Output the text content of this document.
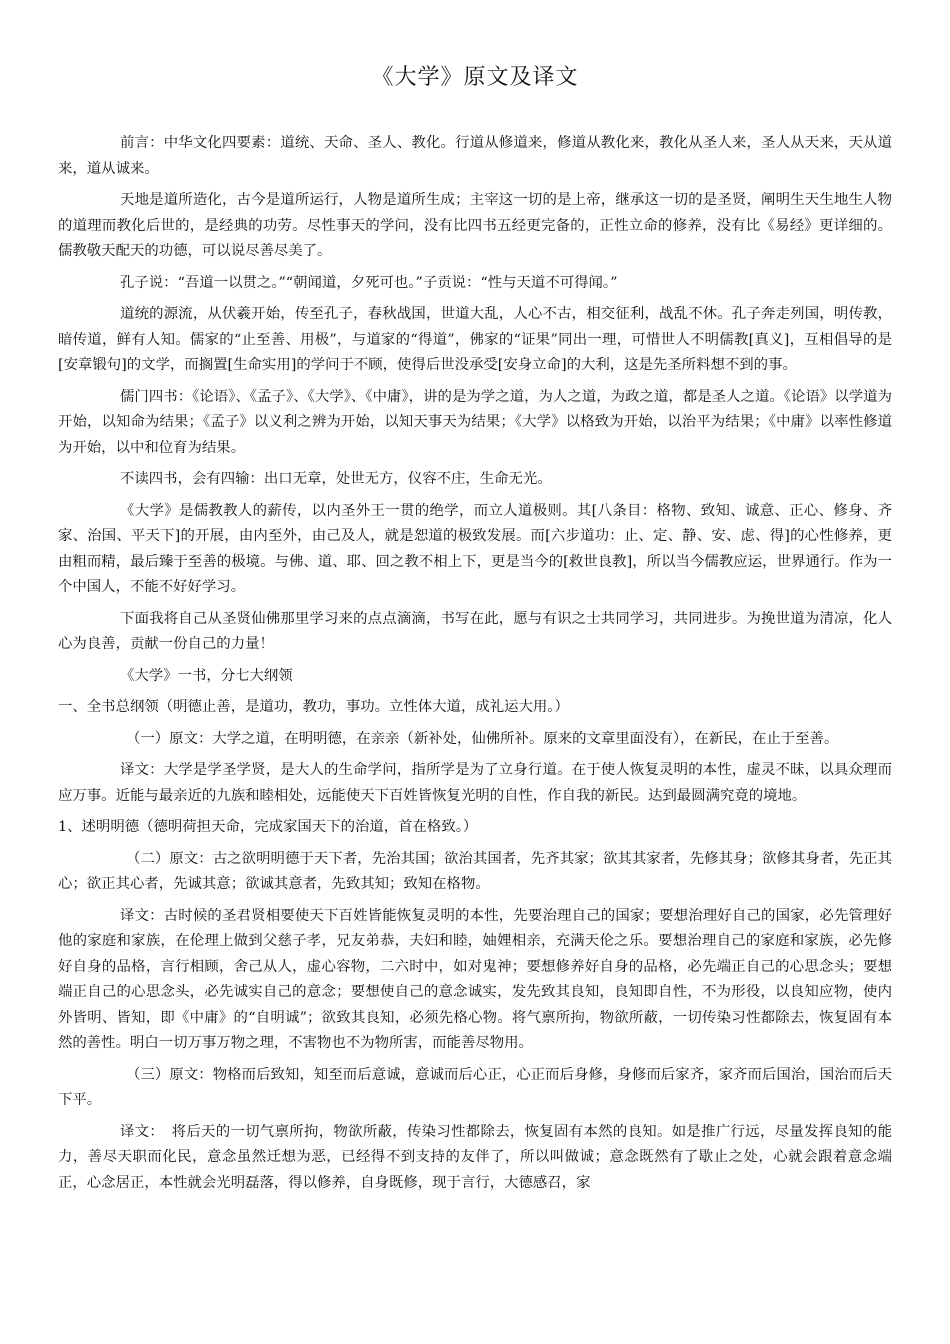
《大学》原文及译文

前言：中华文化四要素：道统、天命、圣人、教化。行道从修道来，修道从教化来，教化从圣人来，圣人从天来，天从道来，道从诚来。

天地是道所造化，古今是道所运行，人物是道所生成；主宰这一切的是上帝，继承这一切的是圣贤，阐明生天生地生人物的道理而教化后世的，是经典的功劳。尽性事天的学问，没有比四书五经更完备的，正性立命的修养，没有比《易经》更详细的。儒教敬天配天的功德，可以说尽善尽美了。

孔子说：“吾道一以贯之。”“朝闻道，夕死可也。”子贡说：“性与天道不可得闻。”

道统的源流，从伏羲开始，传至孔子，春秋战国，世道大乱，人心不古，相交征利，战乱不休。孔子奔走列国，明传教，暗传道，鲜有人知。儒家的“止至善、用极”，与道家的“得道”，佛家的“证果”同出一理，可惜世人不明儒教[真义]，互相倡导的是[安章锻句]的文学，而搁置[生命实用]的学问于不顾，使得后世没承受[安身立命]的大利，这是先圣所料想不到的事。

儒门四书：《论语》、《孟子》、《大学》、《中庸》，讲的是为学之道，为人之道，为政之道，都是圣人之道。《论语》以学道为开始，以知命为结果；《孟子》以义利之辨为开始，以知天事天为结果；《大学》以格致为开始，以治平为结果；《中庸》以率性修道为开始，以中和位育为结果。

不读四书，会有四输：出口无章，处世无方，仪容不庄，生命无光。

《大学》是儒教教人的薪传，以内圣外王一贯的绝学，而立人道极则。其[八条目：格物、致知、诚意、正心、修身、齐家、治国、平天下]的开展，由内至外，由己及人，就是恕道的极致发展。而[六步道功：止、定、静、安、虑、得]的心性修养，更由粗而精，最后臻于至善的极境。与佛、道、耶、回之教不相上下，更是当今的[救世良教]，所以当今儒教应运，世界通行。作为一个中国人，不能不好好学习。

下面我将自己从圣贤仙佛那里学习来的点点滴滴，书写在此，愿与有识之士共同学习，共同进步。为挽世道为清凉，化人心为良善，贡献一份自己的力量！

《大学》一书，分七大纲领

一、全书总纲领（明德止善，是道功，教功，事功。立性体大道，成礼运大用。）

（一）原文：大学之道，在明明德，在亲亲（新补处，仙佛所补。原来的文章里面没有），在新民，在止于至善。

译文：大学是学圣学贤，是大人的生命学问，指所学是为了立身行道。在于使人恢复灵明的本性，虚灵不昧，以具众理而应万事。近能与最亲近的九族和睦相处，远能使天下百姓皆恢复光明的自性，作自我的新民。达到最圆满究竟的境地。

1、述明明德（德明荷担天命，完成家国天下的治道，首在格致。）

（二）原文：古之欲明明德于天下者，先治其国；欲治其国者，先齐其家；欲其其家者，先修其身；欲修其身者，先正其心；欲正其心者，先诚其意；欲诚其意者，先致其知；致知在格物。

译文：古时候的圣君贤相要使天下百姓皆能恢复灵明的本性，先要治理自己的国家；要想治理好自己的国家，必先管理好他的家庭和家族，在伦理上做到父慈子孝，兄友弟恭，夫妇和睦，妯娌相亲，充满天伦之乐。要想治理自己的家庭和家族，必先修好自身的品格，言行相顾，舍己从人，虚心容物，二六时中，如对鬼神；要想修养好自身的品格，必先端正自己的心思念头；要想端正自己的心思念头，必先诚实自己的意念；要想使自己的意念诚实，发先致其良知，良知即自性，不为形役，以良知应物，使内外皆明、皆知，即《中庸》的“自明诚”；欲致其良知，必须先格心物。将气禀所拘，物欲所蔽，一切传染习性都除去，恢复固有本然的善性。明白一切万事万物之理，不害物也不为物所害，而能善尽物用。

（三）原文：物格而后致知，知至而后意诚，意诚而后心正，心正而后身修，身修而后家齐，家齐而后国治，国治而后天下平。

译文：　将后天的一切气禀所拘，物欲所蔽，传染习性都除去，恢复固有本然的良知。如是推广行远，尽量发挥良知的能力，善尽天职而化民，意念虽然迁想为恶，已经得不到支持的友伴了，所以叫做诚；意念既然有了歇止之处，心就会跟着意念端正，心念居正，本性就会光明磊落，得以修养，自身既修，现于言行，大德感召，家
